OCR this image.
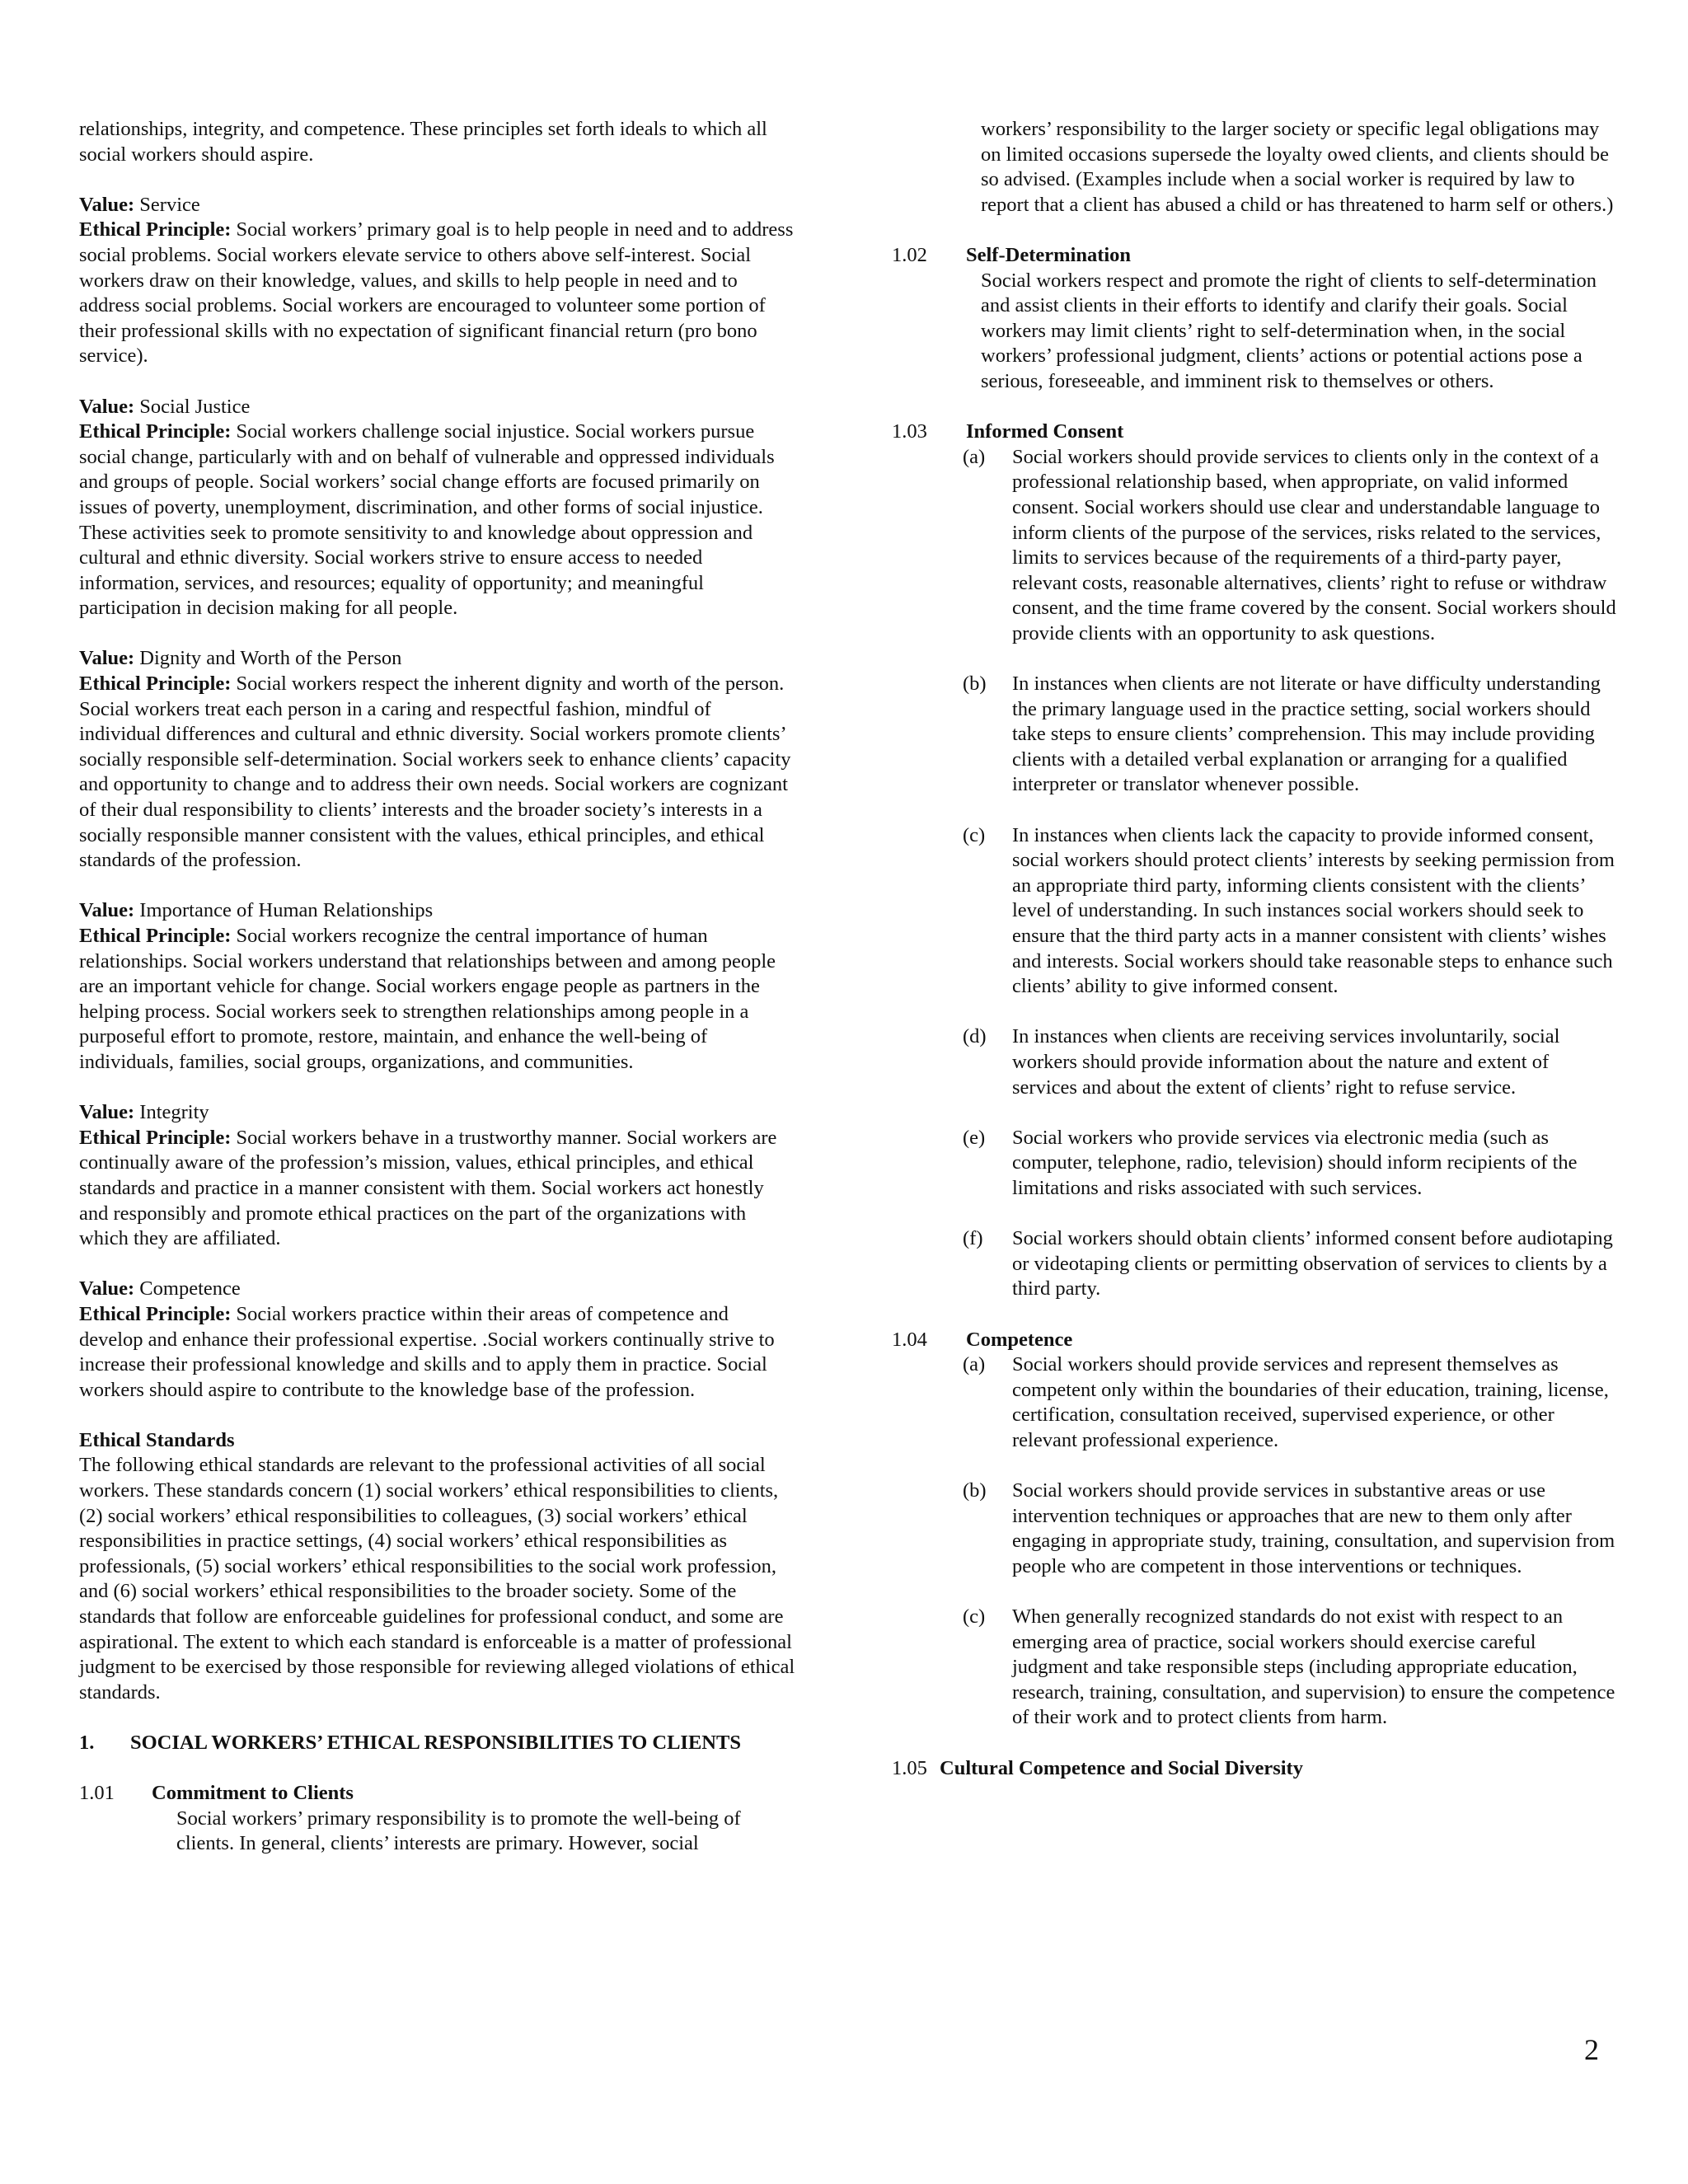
relationships, integrity, and competence. These principles set forth ideals to which all social workers should aspire.

Value: Service

Ethical Principle: Social workers’ primary goal is to help people in need and to address social problems. Social workers elevate service to others above self-interest. Social workers draw on their knowledge, values, and skills to help people in need and to address social problems. Social workers are encouraged to volunteer some portion of their professional skills with no expectation of significant financial return (pro bono service).

Value: Social Justice

Ethical Principle: Social workers challenge social injustice. Social workers pursue social change, particularly with and on behalf of vulnerable and oppressed individuals and groups of people. Social workers’ social change efforts are focused primarily on issues of poverty, unemployment, discrimination, and other forms of social injustice. These activities seek to promote sensitivity to and knowledge about oppression and cultural and ethnic diversity. Social workers strive to ensure access to needed information, services, and resources; equality of opportunity; and meaningful participation in decision making for all people.

Value: Dignity and Worth of the Person

Ethical Principle: Social workers respect the inherent dignity and worth of the person. Social workers treat each person in a caring and respectful fashion, mindful of individual differences and cultural and ethnic diversity. Social workers promote clients’ socially responsible self-determination. Social workers seek to enhance clients’ capacity and opportunity to change and to address their own needs. Social workers are cognizant of their dual responsibility to clients’ interests and the broader society’s interests in a socially responsible manner consistent with the values, ethical principles, and ethical standards of the profession.

Value: Importance of Human Relationships

Ethical Principle: Social workers recognize the central importance of human relationships. Social workers understand that relationships between and among people are an important vehicle for change. Social workers engage people as partners in the helping process. Social workers seek to strengthen relationships among people in a purposeful effort to promote, restore, maintain, and enhance the well-being of individuals, families, social groups, organizations, and communities.

Value: Integrity

Ethical Principle: Social workers behave in a trustworthy manner. Social workers are continually aware of the profession’s mission, values, ethical principles, and ethical standards and practice in a manner consistent with them. Social workers act honestly and responsibly and promote ethical practices on the part of the organizations with which they are affiliated.

Value: Competence

Ethical Principle: Social workers practice within their areas of competence and develop and enhance their professional expertise. .Social workers continually strive to increase their professional knowledge and skills and to apply them in practice. Social workers should aspire to contribute to the knowledge base of the profession.

Ethical Standards

The following ethical standards are relevant to the professional activities of all social workers. These standards concern (1) social workers’ ethical responsibilities to clients, (2) social workers’ ethical responsibilities to colleagues, (3) social workers’ ethical responsibilities in practice settings, (4) social workers’ ethical responsibilities as professionals, (5) social workers’ ethical responsibilities to the social work profession, and (6) social workers’ ethical responsibilities to the broader society. Some of the standards that follow are enforceable guidelines for professional conduct, and some are aspirational. The extent to which each standard is enforceable is a matter of professional judgment to be exercised by those responsible for reviewing alleged violations of ethical standards.

1.	SOCIAL WORKERS’ ETHICAL RESPONSIBILITIES TO CLIENTS
1.01	Commitment to Clients

Social workers’ primary responsibility is to promote the well-being of clients. In general, clients’ interests are primary. However, social

workers’ responsibility to the larger society or specific legal obligations may on limited occasions supersede the loyalty owed clients, and clients should be so advised. (Examples include when a social worker is required by law to report that a client has abused a child or has threatened to harm self or others.)

1.02	Self-Determination

Social workers respect and promote the right of clients to self-determination and assist clients in their efforts to identify and clarify their goals. Social workers may limit clients’ right to self-determination when, in the social workers’ professional judgment, clients’ actions or potential actions pose a serious, foreseeable, and imminent risk to themselves or others.

1.03	Informed Consent
(a)	Social workers should provide services to clients only in the context of a professional relationship based, when appropriate, on valid informed consent. Social workers should use clear and understandable language to inform clients of the purpose of the services, risks related to the services, limits to services because of the requirements of a third-party payer, relevant costs, reasonable alternatives, clients’ right to refuse or withdraw consent, and the time frame covered by the consent. Social workers should provide clients with an opportunity to ask questions.
(b)	In instances when clients are not literate or have difficulty understanding the primary language used in the practice setting, social workers should take steps to ensure clients’ comprehension. This may include providing clients with a detailed verbal explanation or arranging for a qualified interpreter or translator whenever possible.
(c)	In instances when clients lack the capacity to provide informed consent, social workers should protect clients’ interests by seeking permission from an appropriate third party, informing clients consistent with the clients’ level of understanding. In such instances social workers should seek to ensure that the third party acts in a manner consistent with clients’ wishes and interests. Social workers should take reasonable steps to enhance such clients’ ability to give informed consent.
(d)	In instances when clients are receiving services involuntarily, social workers should provide information about the nature and extent of services and about the extent of clients’ right to refuse service.
(e)	Social workers who provide services via electronic media (such as computer, telephone, radio, television) should inform recipients of the limitations and risks associated with such services.
(f)	Social workers should obtain clients’ informed consent before audiotaping or videotaping clients or permitting observation of services to clients by a third party.
1.04	Competence
(a)	Social workers should provide services and represent themselves as competent only within the boundaries of their education, training, license, certification, consultation received, supervised experience, or other relevant professional experience.
(b)	Social workers should provide services in substantive areas or use intervention techniques or approaches that are new to them only after engaging in appropriate study, training, consultation, and supervision from people who are competent in those interventions or techniques.
(c)	When generally recognized standards do not exist with respect to an emerging area of practice, social workers should exercise careful judgment and take responsible steps (including appropriate education, research, training, consultation, and supervision) to ensure the competence of their work and to protect clients from harm.
1.05 Cultural Competence and Social Diversity
2
